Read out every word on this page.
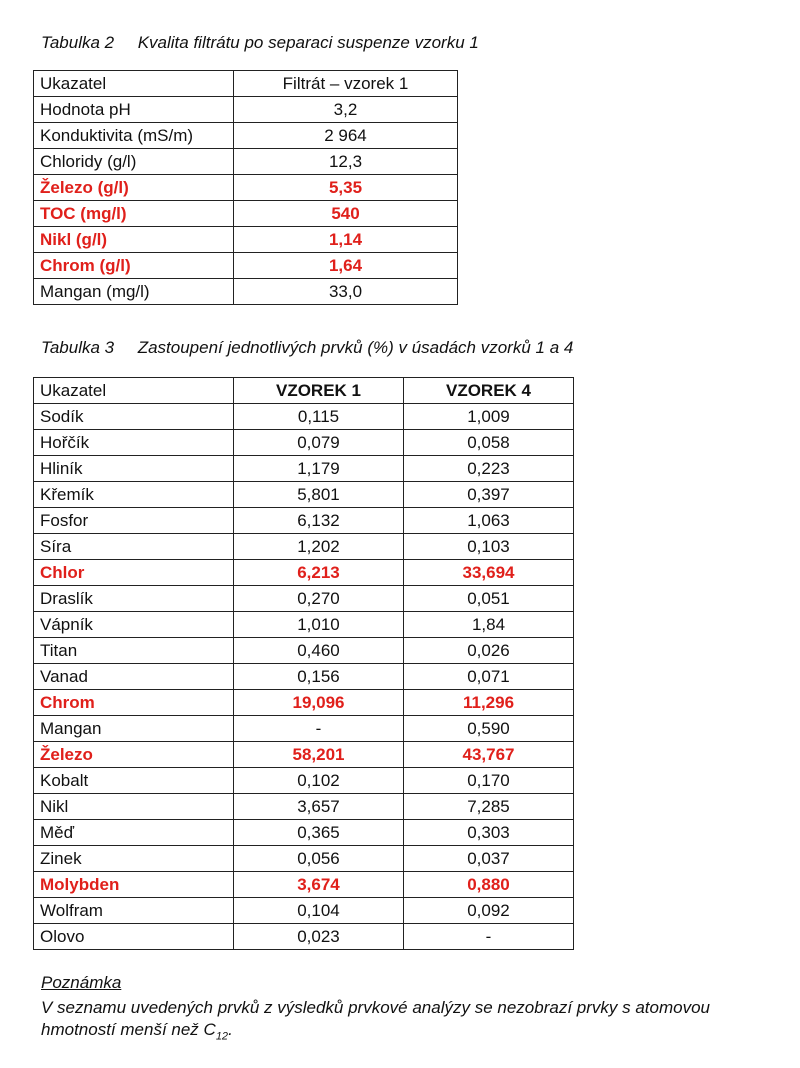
Tabulka 2     Kvalita filtrátu po separaci suspenze vzorku 1
Ukazatel	Filtrát – vzorek 1
Hodnota pH	3,2
Konduktivita (mS/m)	2 964
Chloridy (g/l)	12,3
Železo (g/l)	5,35
TOC (mg/l)	540
Nikl (g/l)	1,14
Chrom (g/l)	1,64
Mangan (mg/l)	33,0
Tabulka 3     Zastoupení jednotlivých prvků (%) v úsadách vzorků 1 a 4
Ukazatel	VZOREK 1	VZOREK 4
Sodík	0,115	1,009
Hořčík	0,079	0,058
Hliník	1,179	0,223
Křemík	5,801	0,397
Fosfor	6,132	1,063
Síra	1,202	0,103
Chlor	6,213	33,694
Draslík	0,270	0,051
Vápník	1,010	1,84
Titan	0,460	0,026
Vanad	0,156	0,071
Chrom	19,096	11,296
Mangan	-	0,590
Železo	58,201	43,767
Kobalt	0,102	0,170
Nikl	3,657	7,285
Měď	0,365	0,303
Zinek	0,056	0,037
Molybden	3,674	0,880
Wolfram	0,104	0,092
Olovo	0,023	-
Poznámka
V seznamu uvedených prvků z výsledků prvkové analýzy se nezobrazí prvky s atomovou hmotností menší než $C_{12}$.
